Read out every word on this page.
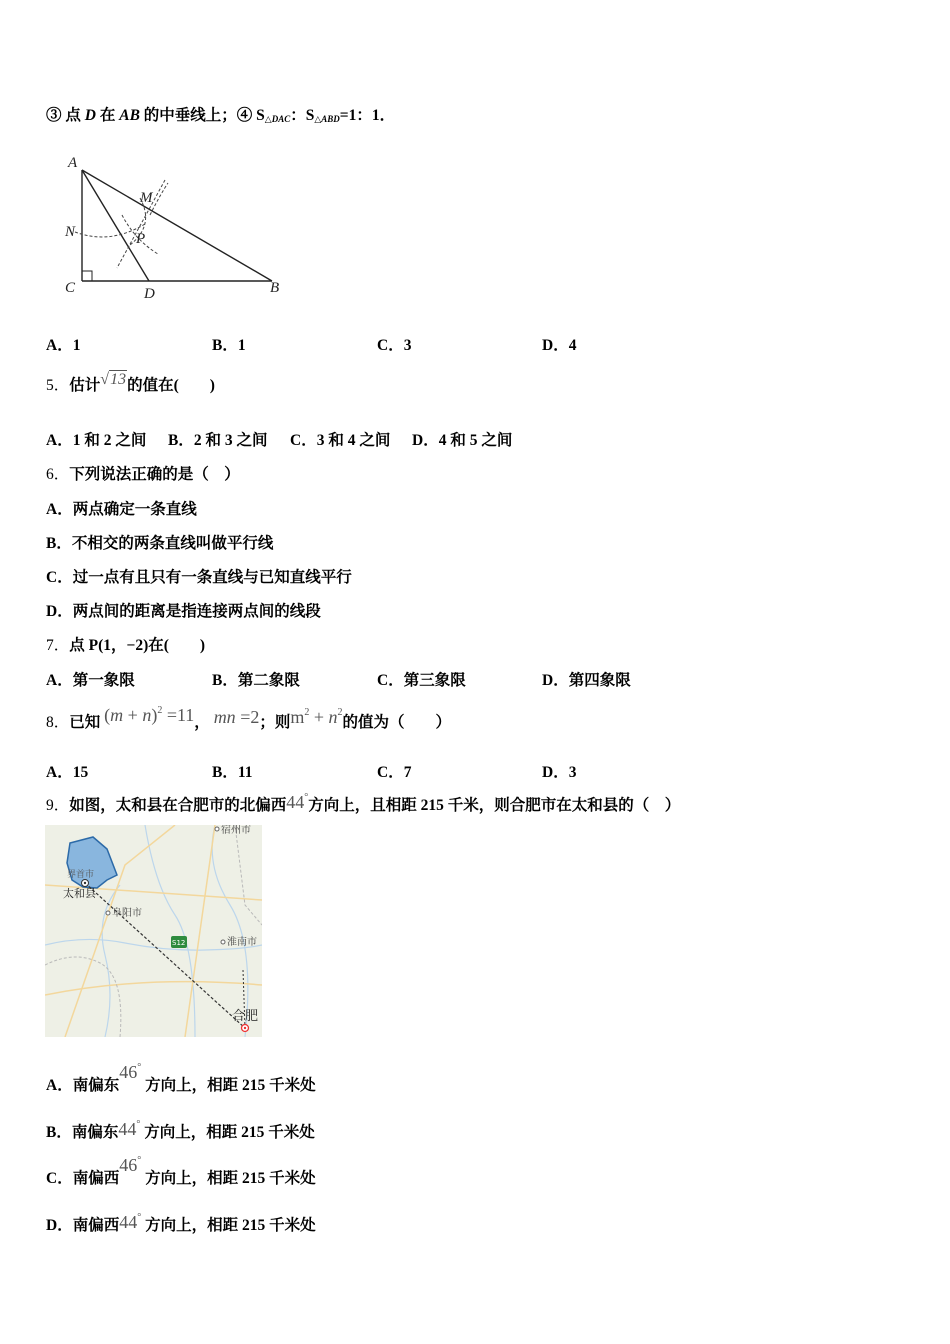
③ 点 D 在 AB 的中垂线上；④ $S_{\triangle DAC}$：$S_{\triangle ABD}=1$：1．
A
M
N	P
C	D	B
A．1	B．1	C．3	D．4
5．估计√13的值在(　　)
A．1 和 2 之间 B．2 和 3 之间 C．3 和 4 之间 D．4 和 5 之间
6．下列说法正确的是（　）
A．两点确定一条直线
B．不相交的两条直线叫做平行线
C．过一点有且只有一条直线与已知直线平行
D．两点间的距离是指连接两点间的线段
7．点 P(1，−2)在(　　)
A．第一象限	B．第二象限	C．第三象限	D．第四象限
8．已知 $(m + n)^2 =11$， mn =2；则$m^2 + n^2$的值为（　　）
A．15	B．11	C．7	D．3
9．如图，太和县在合肥市的北偏西44°方向上，且相距 215 千米，则合肥市在太和县的（　）
宿州市
界首市
太和县
阜阳市
S12	淮南市
合肥
A．南偏东46° 方向上，相距 215 千米处
B．南偏东44° 方向上，相距 215 千米处
C．南偏西46° 方向上，相距 215 千米处
D．南偏西44° 方向上，相距 215 千米处
